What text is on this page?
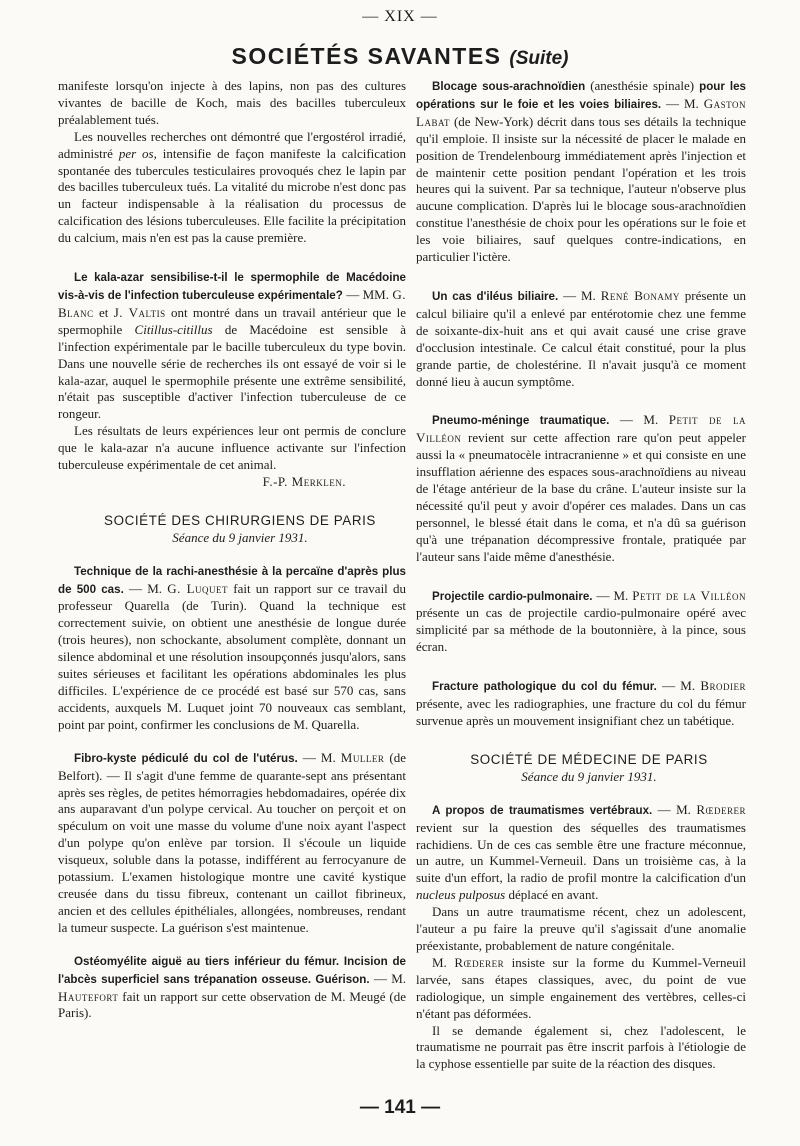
— XIX —
SOCIÉTÉS SAVANTES (Suite)

manifeste lorsqu'on injecte à des lapins, non pas des cultures vivantes de bacille de Koch, mais des bacilles tuberculeux préalablement tués.

Les nouvelles recherches ont démontré que l'ergostérol irradié, administré per os, intensifie de façon manifeste la calcification spontanée des tubercules testiculaires provoqués chez le lapin par des bacilles tuberculeux tués. La vitalité du microbe n'est donc pas un facteur indispensable à la réalisation du processus de calcification des lésions tuberculeuses. Elle facilite la précipitation du calcium, mais n'en est pas la cause première.

Le kala-azar sensibilise-t-il le spermophile de Macédoine vis-à-vis de l'infection tuberculeuse expérimentale? — MM. G. Blanc et J. Valtis ont montré dans un travail antérieur que le spermophile Citillus-citillus de Macédoine est sensible à l'infection expérimentale par le bacille tuberculeux du type bovin. Dans une nouvelle série de recherches ils ont essayé de voir si le kala-azar, auquel le spermophile présente une extrême sensibilité, n'était pas susceptible d'activer l'infection tuberculeuse de ce rongeur.

Les résultats de leurs expériences leur ont permis de conclure que le kala-azar n'a aucune influence activante sur l'infection tuberculeuse expérimentale de cet animal.

F.-P. Merklen.

SOCIÉTÉ DES CHIRURGIENS DE PARIS

Séance du 9 janvier 1931.

Technique de la rachi-anesthésie à la percaïne d'après plus de 500 cas. — M. G. Luquet fait un rapport sur ce travail du professeur Quarella (de Turin). Quand la technique est correctement suivie, on obtient une anesthésie de longue durée (trois heures), non schockante, absolument complète, donnant un silence abdominal et une résolution insoupçonnés jusqu'alors, sans suites sérieuses et facilitant les opérations abdominales les plus difficiles. L'expérience de ce procédé est basé sur 570 cas, sans accidents, auxquels M. Luquet joint 70 nouveaux cas semblant, point par point, confirmer les conclusions de M. Quarella.

Fibro-kyste pédiculé du col de l'utérus. — M. Muller (de Belfort). — Il s'agit d'une femme de quarante-sept ans présentant après ses règles, de petites hémorragies hebdomadaires, opérée dix ans auparavant d'un polype cervical. Au toucher on perçoit et on spéculum on voit une masse du volume d'une noix ayant l'aspect d'un polype qu'on enlève par torsion. Il s'écoule un liquide visqueux, soluble dans la potasse, indifférent au ferrocyanure de potassium. L'examen histologique montre une cavité kystique creusée dans du tissu fibreux, contenant un caillot fibrineux, ancien et des cellules épithéliales, allongées, nombreuses, rendant la tumeur suspecte. La guérison s'est maintenue.

Ostéomyélite aiguë au tiers inférieur du fémur. Incision de l'abcès superficiel sans trépanation osseuse. Guérison. — M. Hautefort fait un rapport sur cette observation de M. Meugé (de Paris).

Blocage sous-arachnoïdien (anesthésie spinale) pour les opérations sur le foie et les voies biliaires. — M. Gaston Labat (de New-York) décrit dans tous ses détails la technique qu'il emploie. Il insiste sur la nécessité de placer le malade en position de Trendelenbourg immédiatement après l'injection et de maintenir cette position pendant l'opération et les trois heures qui la suivent. Par sa technique, l'auteur n'observe plus aucune complication. D'après lui le blocage sous-arachnoïdien constitue l'anesthésie de choix pour les opérations sur le foie et les voie biliaires, sauf quelques contre-indications, en particulier l'ictère.

Un cas d'iléus biliaire. — M. René Bonamy présente un calcul biliaire qu'il a enlevé par entérotomie chez une femme de soixante-dix-huit ans et qui avait causé une crise grave d'occlusion intestinale. Ce calcul était constitué, pour la plus grande partie, de cholestérine. Il n'avait jusqu'à ce moment donné lieu à aucun symptôme.

Pneumo-méninge traumatique. — M. Petit de la Villéon revient sur cette affection rare qu'on peut appeler aussi la « pneumatocèle intracranienne » et qui consiste en une insufflation aérienne des espaces sous-arachnoïdiens au niveau de l'étage antérieur de la base du crâne. L'auteur insiste sur la nécessité qu'il peut y avoir d'opérer ces malades. Dans un cas personnel, le blessé était dans le coma, et n'a dû sa guérison qu'à une trépanation décompressive frontale, pratiquée par l'auteur sans l'aide même d'anesthésie.

Projectile cardio-pulmonaire. — M. Petit de la Villéon présente un cas de projectile cardio-pulmonaire opéré avec simplicité par sa méthode de la boutonnière, à la pince, sous écran.

Fracture pathologique du col du fémur. — M. Brodier présente, avec les radiographies, une fracture du col du fémur survenue après un mouvement insignifiant chez un tabétique.

SOCIÉTÉ DE MÉDECINE DE PARIS

Séance du 9 janvier 1931.

A propos de traumatismes vertébraux. — M. Rœderer revient sur la question des séquelles des traumatismes rachidiens. Un de ces cas semble être une fracture méconnue, un autre, un Kummel-Verneuil. Dans un troisième cas, à la suite d'un effort, la radio de profil montre la calcification d'un nucleus pulposus déplacé en avant.

Dans un autre traumatisme récent, chez un adolescent, l'auteur a pu faire la preuve qu'il s'agissait d'une anomalie préexistante, probablement de nature congénitale.

M. Rœderer insiste sur la forme du Kummel-Verneuil larvée, sans étapes classiques, avec, du point de vue radiologique, un simple engainement des vertèbres, celles-ci n'étant pas déformées.

Il se demande également si, chez l'adolescent, le traumatisme ne pourrait pas être inscrit parfois à l'étiologie de la cyphose essentielle par suite de la réaction des disques.

— 141 —
